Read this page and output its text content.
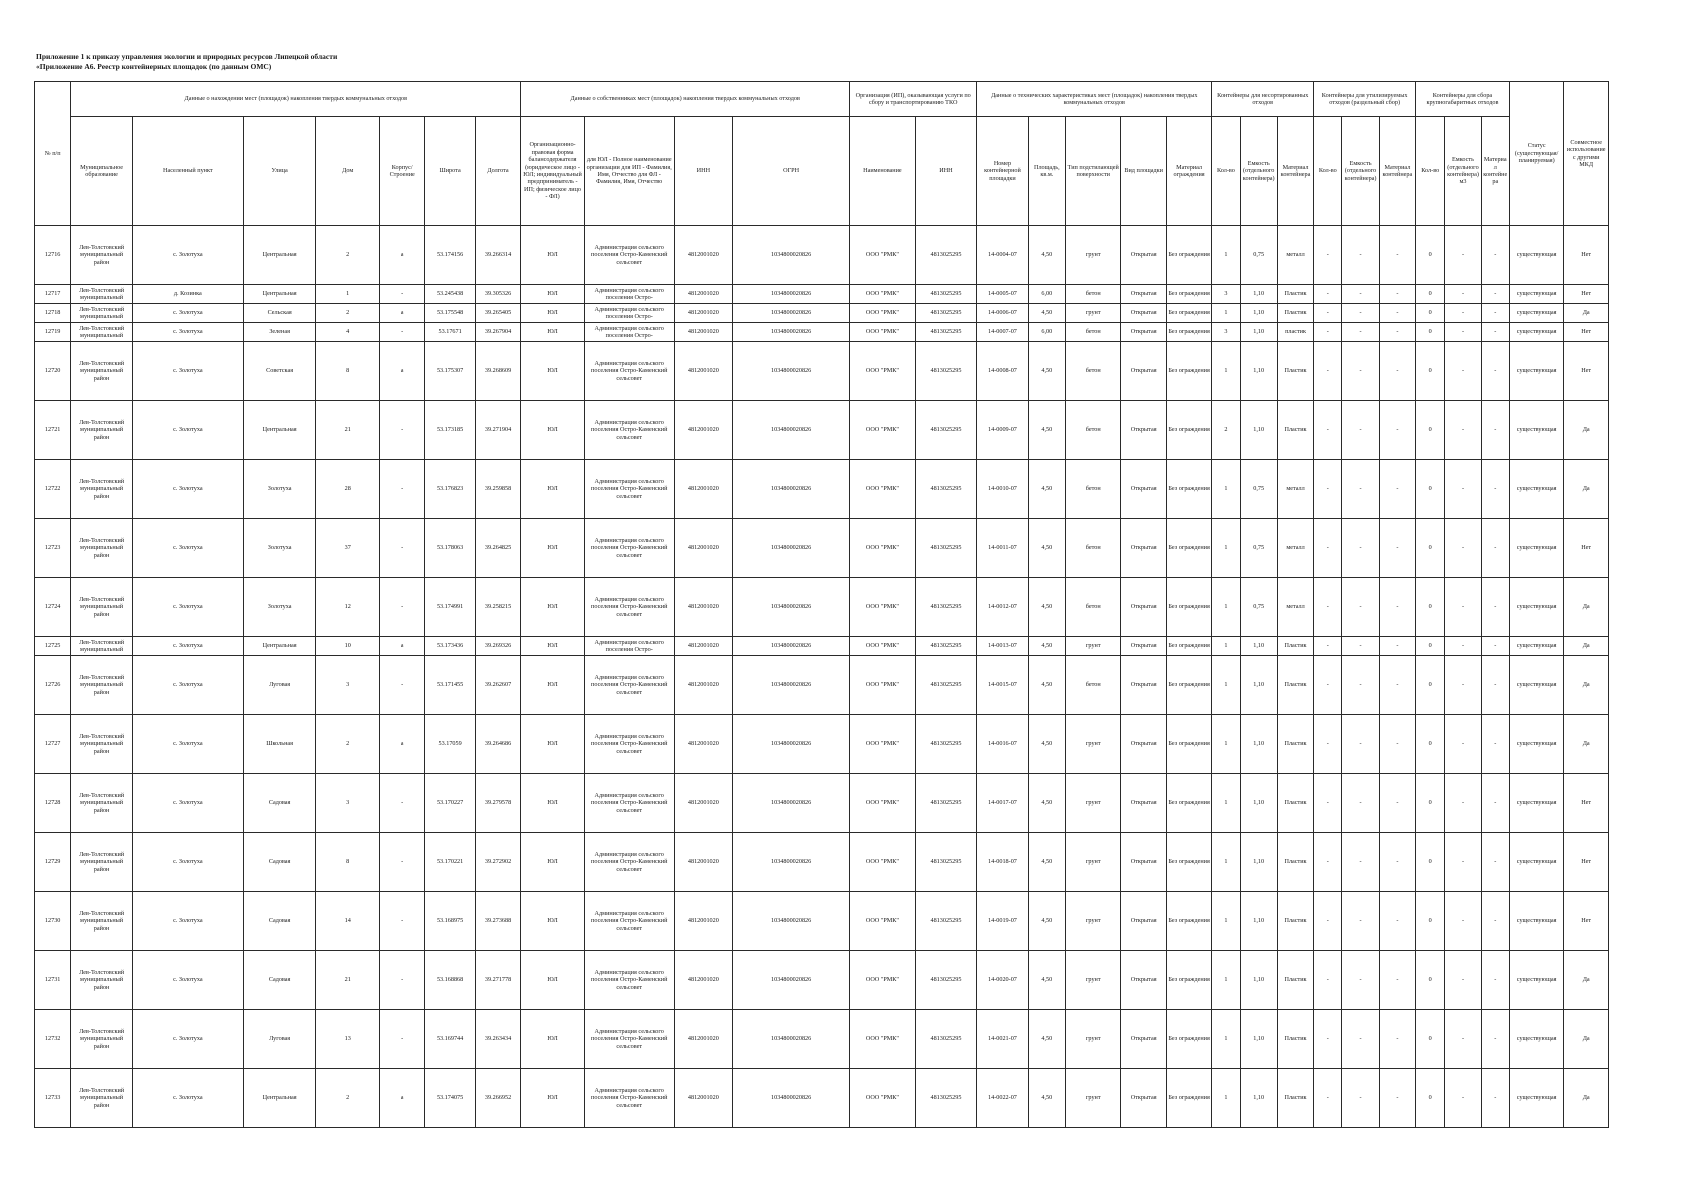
Приложение 1 к приказу управления экологии и природных ресурсов Липецкой области
«Приложение А6. Реестр контейнерных площадок (по данным ОМС)
№ п/п	Данные о нахождении мест (площадок) накопления твердых коммунальных отходов							Данные о собственниках мест (площадок) накопления твердых коммунальных отходов				Организация (ИП), оказывающая услуги по сбору и транспортированию ТКО		Данные о технических характеристиках мест (площадок) накопления твердых коммунальных отходов					Контейнеры для несортированных отходов			Контейнеры для утилизируемых отходов (раздельный сбор)			Контейнеры для сбора крупногабаритных отходов			Статус (существующая/планируемая)	Совместное использование с другими МКД
	Муниципальное образование	Населенный пункт	Улица	Дом	Корпус/Строение	Широта	Долгота	Организационно-правовая форма балансодержателя (юридическое лицо - ЮЛ; индивидуальный предприниматель - ИП; физическое лицо - ФЛ)	для ЮЛ - Полное наименование организации для ИП - Фамилия, Имя, Отчество для ФЛ - Фамилия, Имя, Отчество	ИНН	ОГРН	Наименование	ИНН	Номер контейнерной площадки	Площадь, кв.м.	Тип подстилающей поверхности	Вид площадки	Материал ограждения	Кол-во	Емкость (отдельного контейнера)	Материал контейнера	Кол-во	Емкость (отдельного контейнера)	Материал контейнера	Кол-во	Емкость (отдельного контейнера) м3	Материал контейнера		
12716	Лев-Толстовский муниципальный район	с. Золотуха	Центральная	2	а	53.174156	39.266314	ЮЛ	Администрация сельского поселения Остро-Каменский сельсовет	4812001020	1034800020826	ООО "РМК"	4813025295	14-0004-07	4,50	грунт	Открытая	Без ограждения	1	0,75	металл	-	-	-	0	-	-	существующая	Нет
12717	Лев-Толстовский муниципальный	д. Козинка	Центральная	1	-	53.245438	39.305326	ЮЛ	Администрация сельского поселения Остро-	4812001020	1034800020826	ООО "РМК"	4813025295	14-0005-07	6,00	бетон	Открытая	Без ограждения	3	1,10	Пластик	-	-	-	0	-	-	существующая	Нет
12718	Лев-Толстовский муниципальный	с. Золотуха	Сельская	2	а	53.175548	39.265405	ЮЛ	Администрация сельского поселения Остро-	4812001020	1034800020826	ООО "РМК"	4813025295	14-0006-07	4,50	грунт	Открытая	Без ограждения	1	1,10	Пластик	-	-	-	0	-	-	существующая	Да
12719	Лев-Толстовский муниципальный	с. Золотуха	Зеленая	4	-	53.17671	39.267904	ЮЛ	Администрация сельского поселения Остро-	4812001020	1034800020826	ООО "РМК"	4813025295	14-0007-07	6,00	бетон	Открытая	Без ограждения	3	1,10	пластик	-	-	-	0	-	-	существующая	Нет
12720	Лев-Толстовский муниципальный район	с. Золотуха	Советская	8	а	53.175307	39.268609	ЮЛ	Администрация сельского поселения Остро-Каменский сельсовет	4812001020	1034800020826	ООО "РМК"	4813025295	14-0008-07	4,50	бетон	Открытая	Без ограждения	1	1,10	Пластик	-	-	-	0	-	-	существующая	Нет
12721	Лев-Толстовский муниципальный район	с. Золотуха	Центральная	21	-	53.173185	39.271904	ЮЛ	Администрация сельского поселения Остро-Каменский сельсовет	4812001020	1034800020826	ООО "РМК"	4813025295	14-0009-07	4,50	бетон	Открытая	Без ограждения	2	1,10	Пластик	-	-	-	0	-	-	существующая	Да
12722	Лев-Толстовский муниципальный район	с. Золотуха	Золотуха	28	-	53.176823	39.259858	ЮЛ	Администрация сельского поселения Остро-Каменский сельсовет	4812001020	1034800020826	ООО "РМК"	4813025295	14-0010-07	4,50	бетон	Открытая	Без ограждения	1	0,75	металл	-	-	-	0	-	-	существующая	Да
12723	Лев-Толстовский муниципальный район	с. Золотуха	Золотуха	37	-	53.178063	39.264825	ЮЛ	Администрация сельского поселения Остро-Каменский сельсовет	4812001020	1034800020826	ООО "РМК"	4813025295	14-0011-07	4,50	бетон	Открытая	Без ограждения	1	0,75	металл	-	-	-	0	-	-	существующая	Нет
12724	Лев-Толстовский муниципальный район	с. Золотуха	Золотуха	12	-	53.174991	39.258215	ЮЛ	Администрация сельского поселения Остро-Каменский сельсовет	4812001020	1034800020826	ООО "РМК"	4813025295	14-0012-07	4,50	бетон	Открытая	Без ограждения	1	0,75	металл	-	-	-	0	-	-	существующая	Да
12725	Лев-Толстовский муниципальный	с. Золотуха	Центральная	10	а	53.173436	39.269326	ЮЛ	Администрация сельского поселения Остро-	4812001020	1034800020826	ООО "РМК"	4813025295	14-0013-07	4,50	грунт	Открытая	Без ограждения	1	1,10	Пластик	-	-	-	0	-	-	существующая	Да
12726	Лев-Толстовский муниципальный район	с. Золотуха	Луговая	3	-	53.171455	39.262607	ЮЛ	Администрация сельского поселения Остро-Каменский сельсовет	4812001020	1034800020826	ООО "РМК"	4813025295	14-0015-07	4,50	бетон	Открытая	Без ограждения	1	1,10	Пластик	-	-	-	0	-	-	существующая	Да
12727	Лев-Толстовский муниципальный район	с. Золотуха	Школьная	2	а	53.17059	39.264686	ЮЛ	Администрация сельского поселения Остро-Каменский сельсовет	4812001020	1034800020826	ООО "РМК"	4813025295	14-0016-07	4,50	грунт	Открытая	Без ограждения	1	1,10	Пластик	-	-	-	0	-	-	существующая	Да
12728	Лев-Толстовский муниципальный район	с. Золотуха	Садовая	3	-	53.170227	39.279578	ЮЛ	Администрация сельского поселения Остро-Каменский сельсовет	4812001020	1034800020826	ООО "РМК"	4813025295	14-0017-07	4,50	грунт	Открытая	Без ограждения	1	1,10	Пластик	-	-	-	0	-	-	существующая	Нет
12729	Лев-Толстовский муниципальный район	с. Золотуха	Садовая	8	-	53.170221	39.272902	ЮЛ	Администрация сельского поселения Остро-Каменский сельсовет	4812001020	1034800020826	ООО "РМК"	4813025295	14-0018-07	4,50	грунт	Открытая	Без ограждения	1	1,10	Пластик	-	-	-	0	-	-	существующая	Нет
12730	Лев-Толстовский муниципальный район	с. Золотуха	Садовая	14	-	53.168975	39.273688	ЮЛ	Администрация сельского поселения Остро-Каменский сельсовет	4812001020	1034800020826	ООО "РМК"	4813025295	14-0019-07	4,50	грунт	Открытая	Без ограждения	1	1,10	Пластик	-	-	-	0	-	-	существующая	Нет
12731	Лев-Толстовский муниципальный район	с. Золотуха	Садовая	21	-	53.168868	39.271778	ЮЛ	Администрация сельского поселения Остро-Каменский сельсовет	4812001020	1034800020826	ООО "РМК"	4813025295	14-0020-07	4,50	грунт	Открытая	Без ограждения	1	1,10	Пластик	-	-	-	0	-	-	существующая	Да
12732	Лев-Толстовский муниципальный район	с. Золотуха	Луговая	13	-	53.169744	39.263434	ЮЛ	Администрация сельского поселения Остро-Каменский сельсовет	4812001020	1034800020826	ООО "РМК"	4813025295	14-0021-07	4,50	грунт	Открытая	Без ограждения	1	1,10	Пластик	-	-	-	0	-	-	существующая	Да
12733	Лев-Толстовский муниципальный район	с. Золотуха	Центральная	2	а	53.174075	39.266952	ЮЛ	Администрация сельского поселения Остро-Каменский сельсовет	4812001020	1034800020826	ООО "РМК"	4813025295	14-0022-07	4,50	грунт	Открытая	Без ограждения	1	1,10	Пластик	-	-	-	0	-	-	существующая	Да
